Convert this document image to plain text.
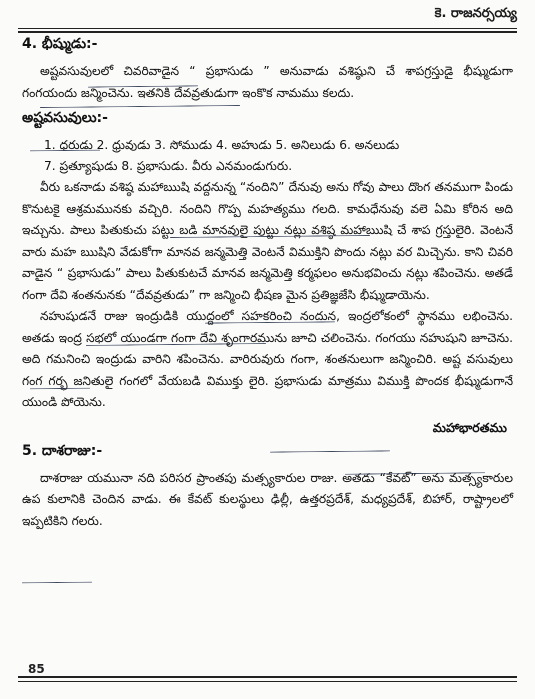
కె. రాజనర్సయ్య
4. భీష్ముడు:-

అష్టవసువులలో చివరివాడైన “ ప్రభాసుడు ” అనువాడు వశిష్ఠుని చే శాపగ్రస్తుడై భీష్ముడుగా గంగయందు జన్మించెను. ఇతనికి దేవవ్రతుడుగా ఇంకొక నామము కలదు.

అష్టవసువులు:-
1. ధరుడు 2. ధ్రువుడు 3. సోముడు 4. అహుడు 5. అనిలుడు 6. అనలుడు
7. ప్రత్యూషుడు 8. ప్రభాసుడు. వీరు ఎనమండుగురు.

వీరు ఒకనాడు వశిష్ఠ మహాఋషి వద్దనున్న “నందిని” దేనువు అను గోవు పాలు దొంగ తనముగా పిండు కొనుటకై ఆశ్రమమునకు వచ్చిరి. నందిని గొప్ప మహత్యము గలది. కామధేనువు వలె ఏమి కోరిన అది ఇచ్చును. పాలు పితుకుచు పట్టు బడి మానవులై పుట్టు నట్లు వశిష్ఠ మహాఋషి చే శాప గ్రస్తులైరి. వెంటనే వారు మహ ఋషిని వేడుకోగా మానవ జన్మమెత్తి వెంటనే విముక్తిని పొందు నట్లు వర మిచ్చెను. కాని చివరి వాడైన “ ప్రభాసుడు” పాలు పితుకుటచే మానవ జన్మమెత్తి కర్మఫలం అనుభవించు నట్లు శపించెను. అతడే గంగా దేవి శంతనునకు “దేవవ్రతుడు” గా జన్మించి భీషణ మైన ప్రతిజ్ఞజేసి భీష్ముడాయెను.

నహుషుడనే రాజు ఇంద్రుడికి యుద్దంలో సహకరించి నందున, ఇంద్రలోకంలో స్థానము లభించెను. అతడు ఇంద్ర సభలో యుండగా గంగా దేవి శృంగారమును జూచి చలించెను. గంగయు నహుషుని జూచెను. అది గమనించి ఇంద్రుడు వారిని శపించెను. వారిరువురు గంగా, శంతనులుగా జన్మించిరి. అష్ట వసువులు గంగ గర్భ జనితులై గంగలో వేయబడి విముక్తు లైరి. ప్రభాసుడు మాత్రము విముక్తి పొందక భీష్ముడుగానే యుండి పోయెను.

మహాభారతము
5. దాశరాజు:-

దాశరాజు యమునా నది పరిసర ప్రాంతపు మత్స్యకారుల రాజు. అతడు “కేవట్” అను మత్స్యకారుల ఉప కులానికి చెందిన వాడు. ఈ కేవట్ కులస్థులు ఢిల్లీ, ఉత్తరప్రదేశ్, మధ్యప్రదేశ్, బిహార్, రాష్ట్రాలలో ఇప్పటికిని గలరు.

85
